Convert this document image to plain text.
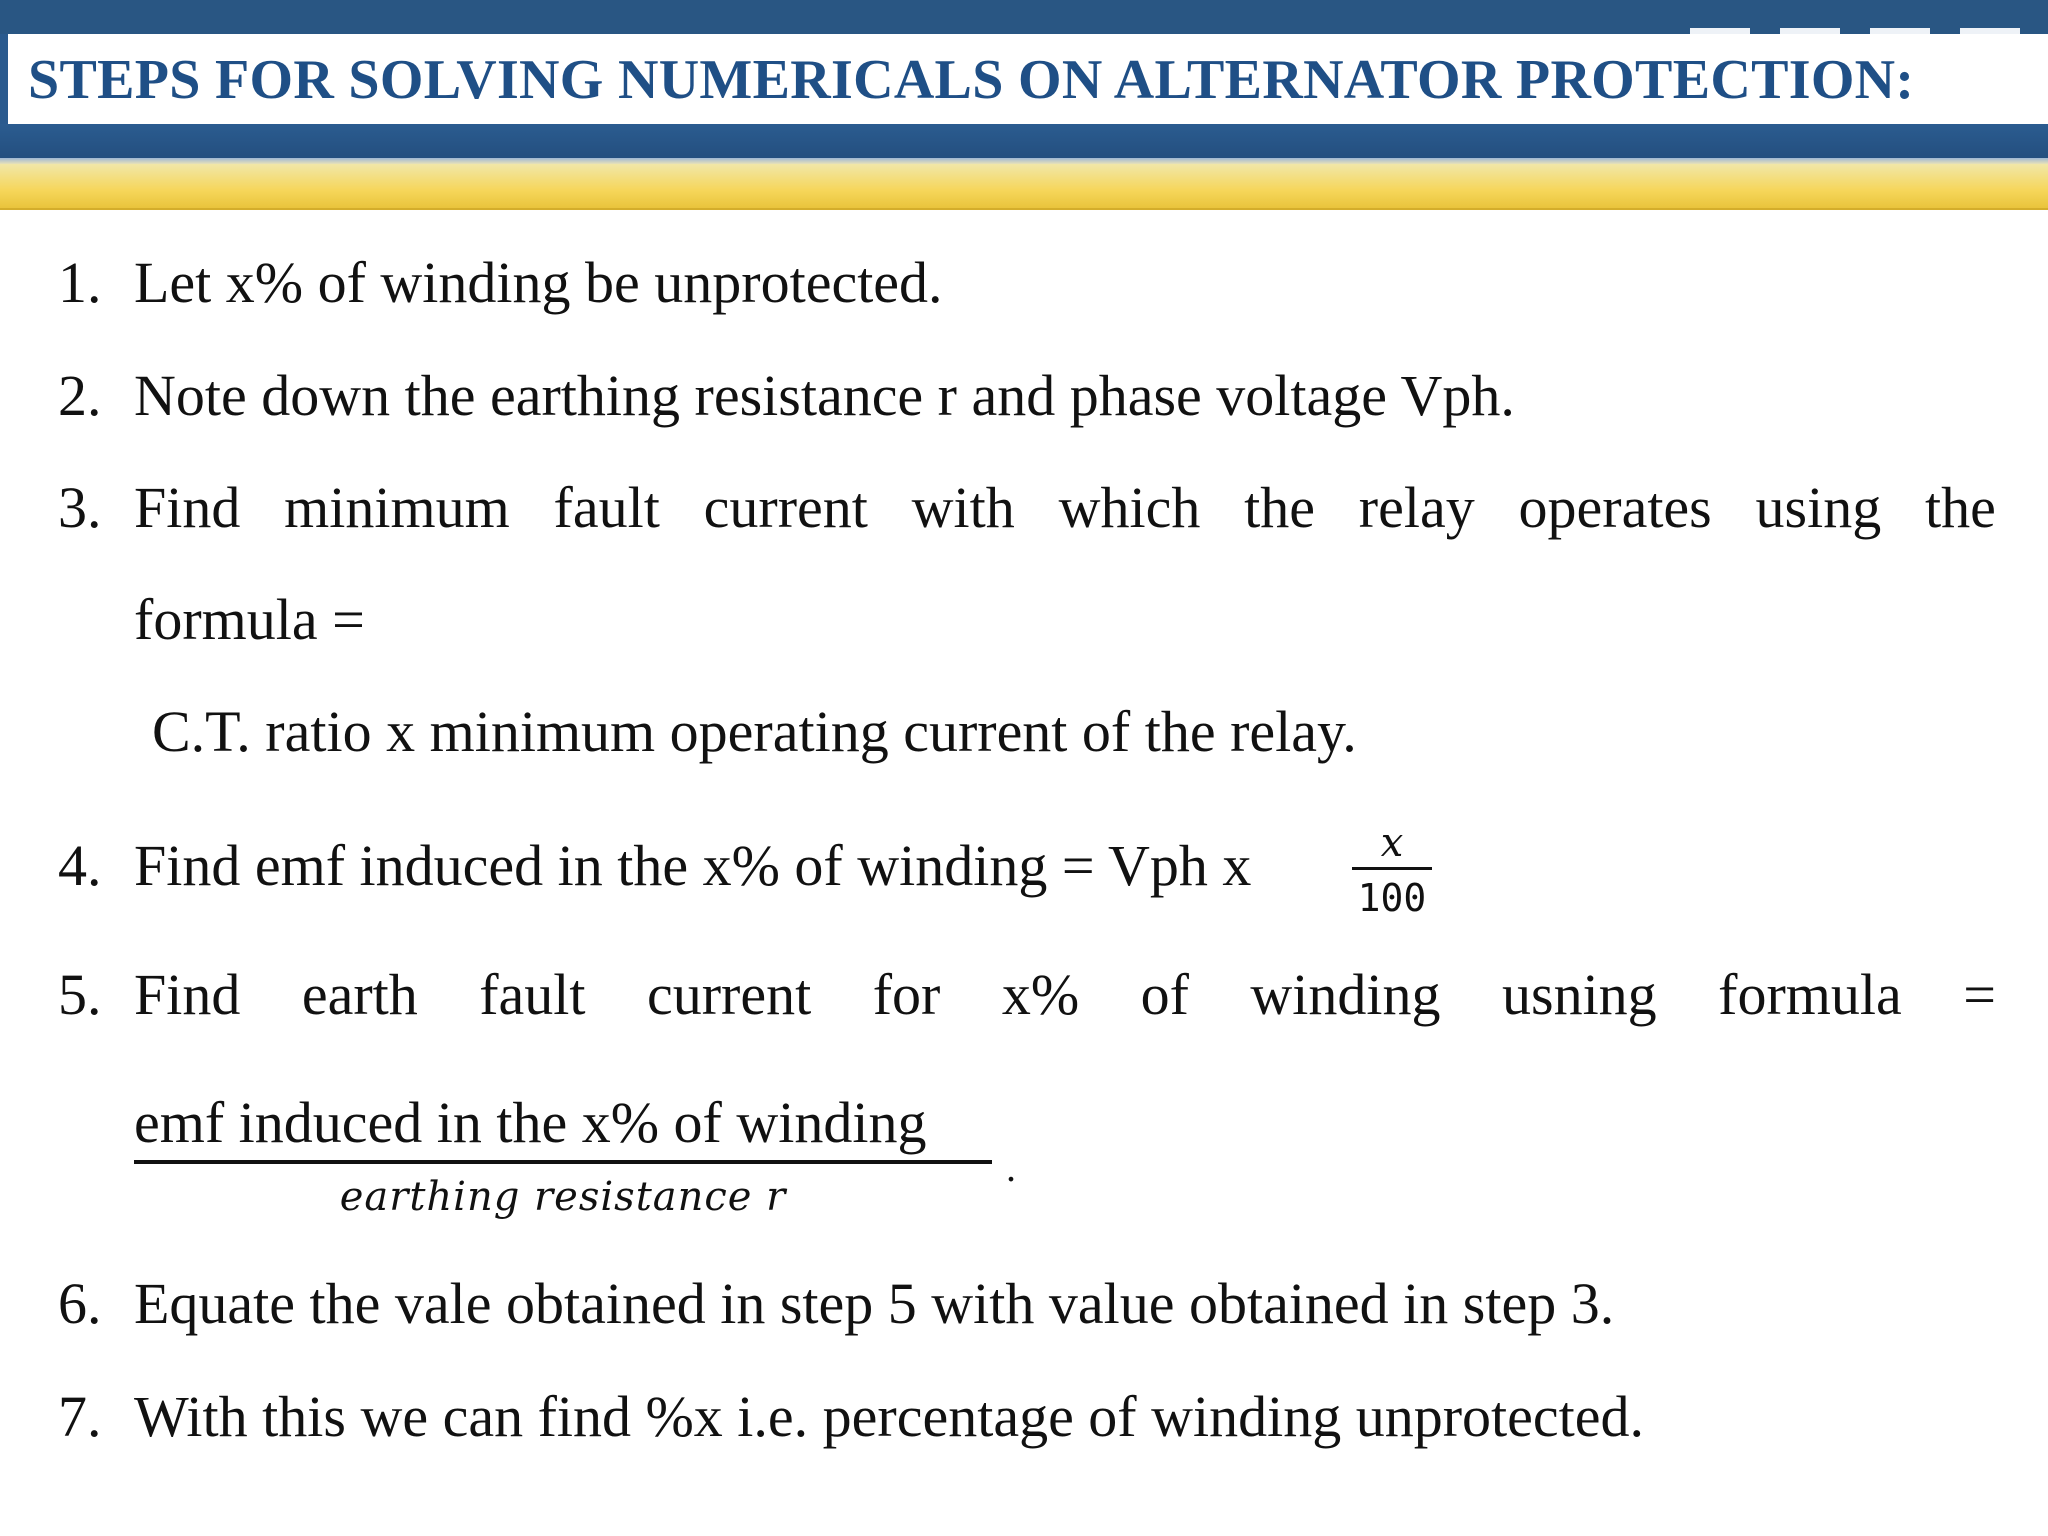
STEPS FOR SOLVING NUMERICALS ON ALTERNATOR PROTECTION:
1. Let x% of winding be unprotected.
2. Note down the earthing resistance r and phase voltage Vph.
3. Find minimum fault current with which the relay operates using the
formula =
C.T. ratio x minimum operating current of the relay.
4. Find emf induced in the x% of winding = Vph x	x
100
5. Find earth fault current for x% of winding usning formula =
emf induced in the x% of winding
earthing resistance r
.
6. Equate the vale obtained in step 5 with value obtained in step 3.
7. With this we can find %x i.e. percentage of winding unprotected.
